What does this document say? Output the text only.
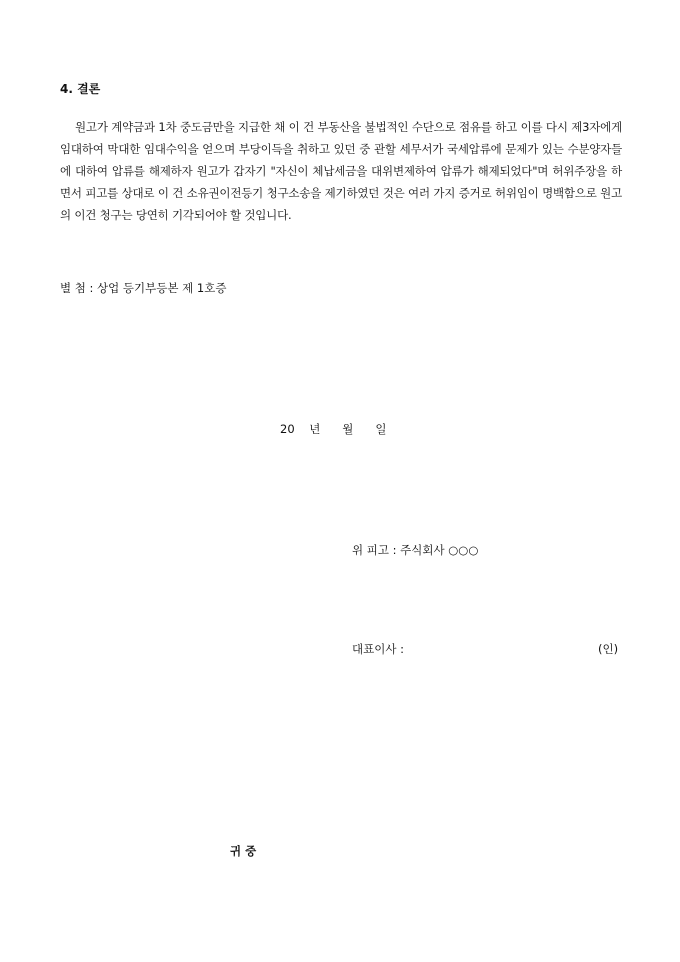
4. 결론

원고가 계약금과 1차 중도금만을 지급한 채 이 건 부동산을 불법적인 수단으로 점유를 하고 이를 다시 제3자에게 임대하여 막대한 임대수익을 얻으며 부당이득을 취하고 있던 중 관할 세무서가 국세압류에 문제가 있는 수분양자들에 대하여 압류를 해제하자 원고가 갑자기 "자신이 체납세금을 대위변제하여 압류가 해제되었다"며 허위주장을 하면서 피고를 상대로 이 건 소유권이전등기 청구소송을 제기하였던 것은 여러 가지 증거로 허위임이 명백함으로 원고의 이건 청구는 당연히 기각되어야 할 것입니다.

별 첨 : 상업 등기부등본 제 1호증
20    년      월      일
위 피고 : 주식회사 ○○○
대표이사 :	(인)
귀 중
